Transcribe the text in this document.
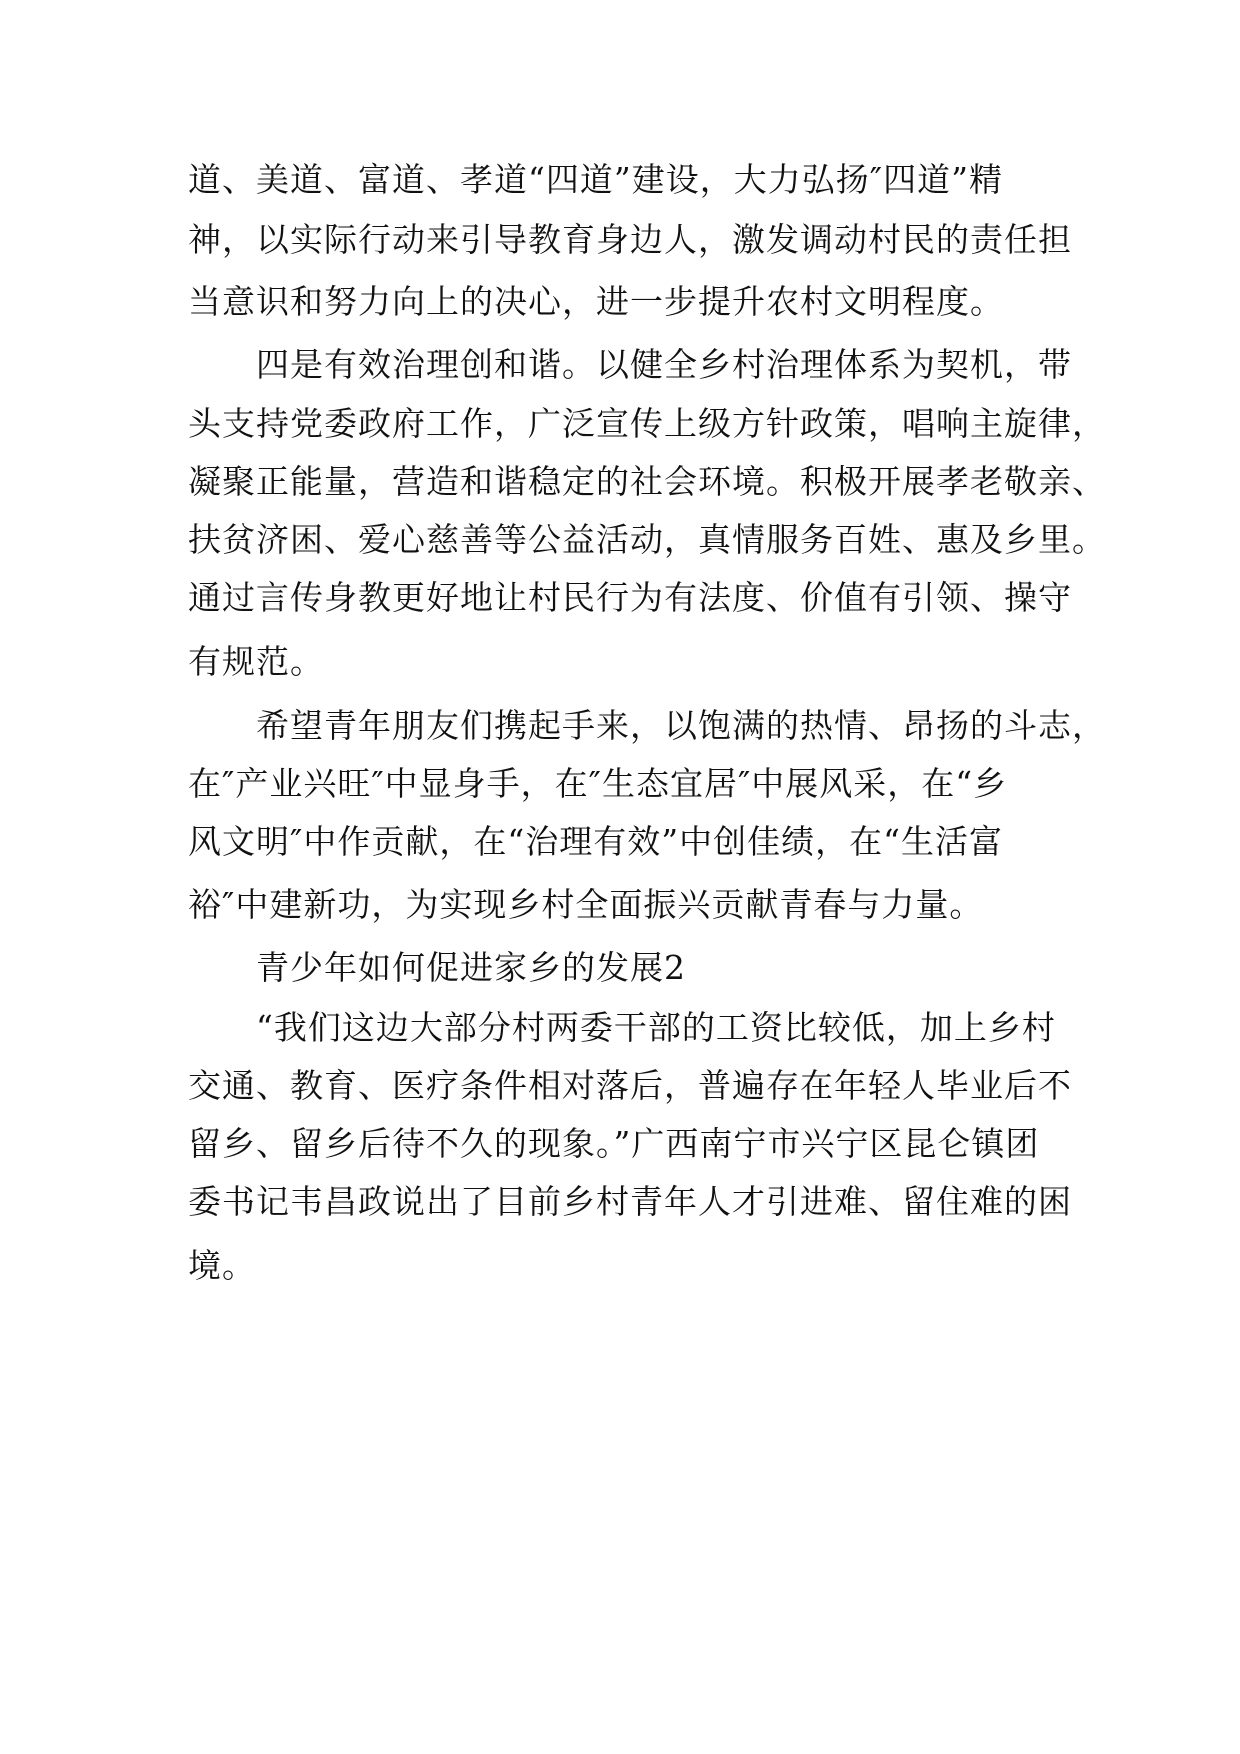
道、美道、富道、孝道“四道”建设，大力弘扬″四道”精

神，以实际行动来引导教育身边人，激发调动村民的责任担

当意识和努力向上的决心，进一步提升农村文明程度。

四是有效治理创和谐。以健全乡村治理体系为契机，带

头支持党委政府工作，广泛宣传上级方针政策，唱响主旋律，

凝聚正能量，营造和谐稳定的社会环境。积极开展孝老敬亲、

扶贫济困、爱心慈善等公益活动，真情服务百姓、惠及乡里。

通过言传身教更好地让村民行为有法度、价值有引领、操守

有规范。

希望青年朋友们携起手来，以饱满的热情、昂扬的斗志，

在″产业兴旺″中显身手，在″生态宜居″中展风采，在“乡

风文明″中作贡献，在“治理有效”中创佳绩，在“生活富

裕″中建新功，为实现乡村全面振兴贡献青春与力量。

青少年如何促进家乡的发展2

“我们这边大部分村两委干部的工资比较低，加上乡村

交通、教育、医疗条件相对落后，普遍存在年轻人毕业后不

留乡、留乡后待不久的现象。”广西南宁市兴宁区昆仑镇团

委书记韦昌政说出了目前乡村青年人才引进难、留住难的困

境。
